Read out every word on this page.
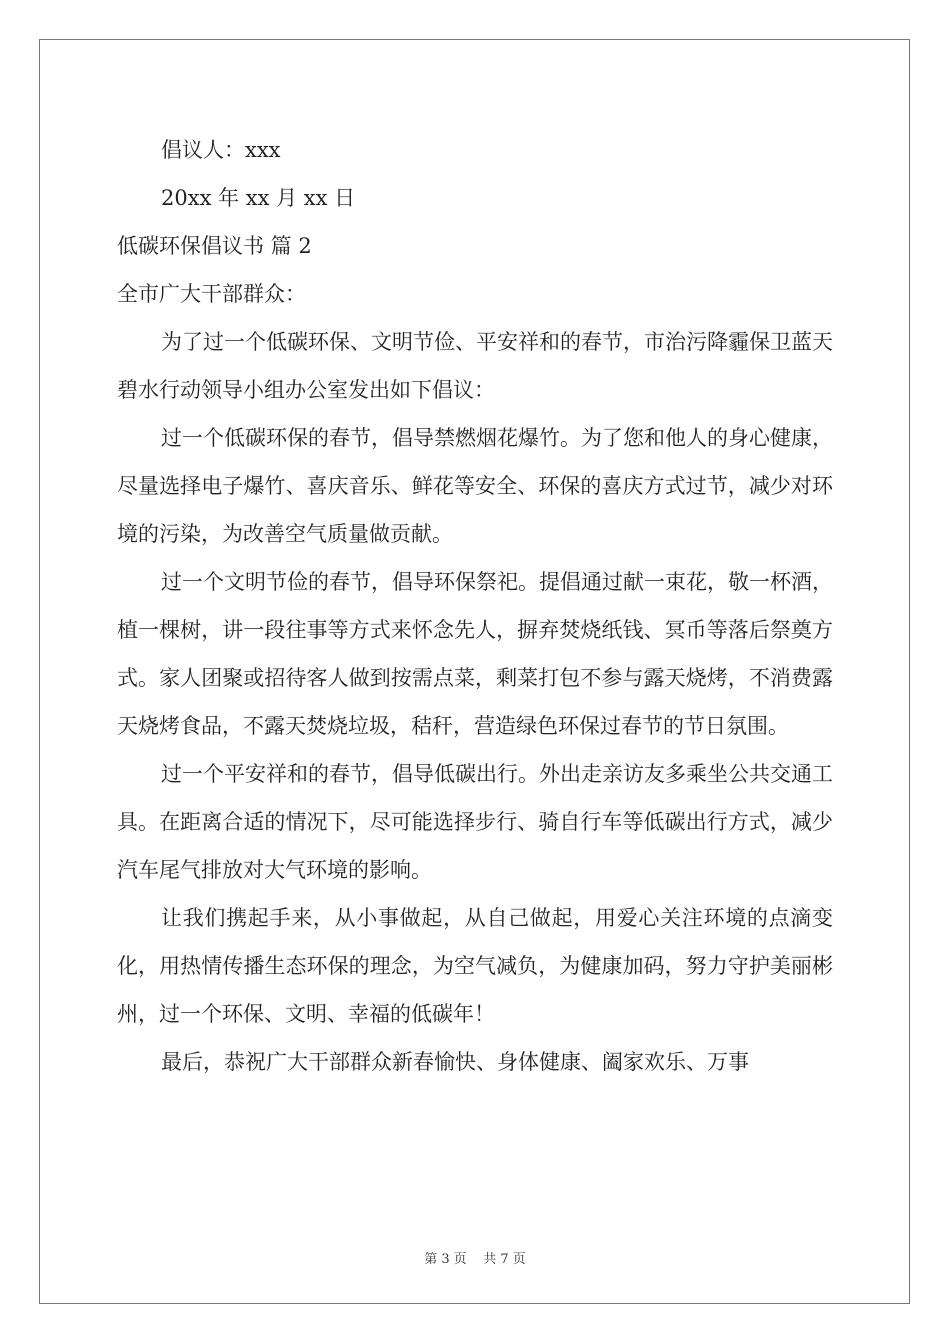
倡议人：xxx

20xx 年 xx 月 xx 日

低碳环保倡议书 篇 2

全市广大干部群众：

为了过一个低碳环保、文明节俭、平安祥和的春节，市治污降霾保卫蓝天碧水行动领导小组办公室发出如下倡议：

过一个低碳环保的春节，倡导禁燃烟花爆竹。为了您和他人的身心健康，尽量选择电子爆竹、喜庆音乐、鲜花等安全、环保的喜庆方式过节，减少对环境的污染，为改善空气质量做贡献。

过一个文明节俭的春节，倡导环保祭祀。提倡通过献一束花，敬一杯酒，植一棵树，讲一段往事等方式来怀念先人，摒弃焚烧纸钱、冥币等落后祭奠方式。家人团聚或招待客人做到按需点菜，剩菜打包不参与露天烧烤，不消费露天烧烤食品，不露天焚烧垃圾，秸秆，营造绿色环保过春节的节日氛围。

过一个平安祥和的春节，倡导低碳出行。外出走亲访友多乘坐公共交通工具。在距离合适的情况下，尽可能选择步行、骑自行车等低碳出行方式，减少汽车尾气排放对大气环境的影响。

让我们携起手来，从小事做起，从自己做起，用爱心关注环境的点滴变化，用热情传播生态环保的理念，为空气减负，为健康加码，努力守护美丽彬州，过一个环保、文明、幸福的低碳年！

最后，恭祝广大干部群众新春愉快、身体健康、阖家欢乐、万事

第 3 页    共 7 页
